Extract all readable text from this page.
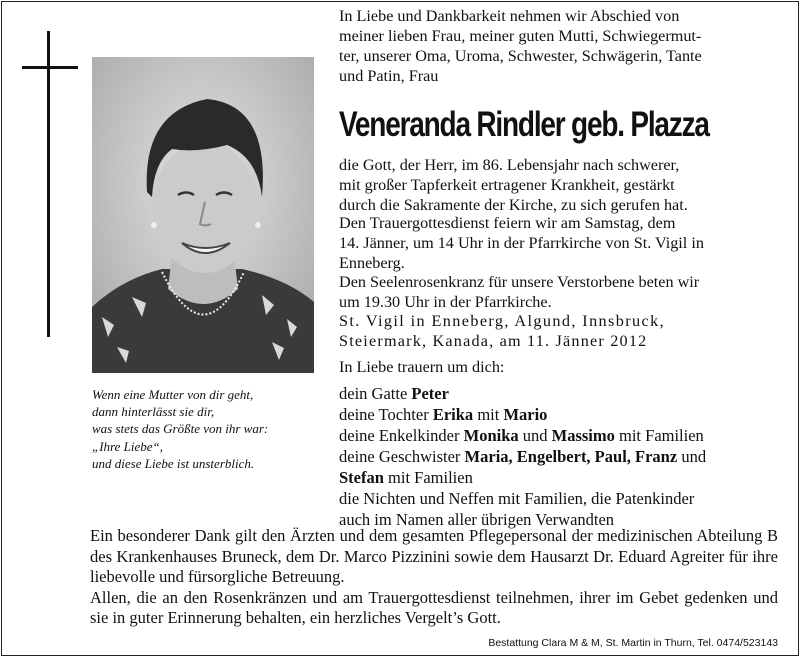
Wenn eine Mutter von dir geht,
dann hinterlässt sie dir,
was stets das Größte von ihr war:
„Ihre Liebe“,
und diese Liebe ist unsterblich.
In Liebe und Dankbarkeit nehmen wir Abschied von
meiner lieben Frau, meiner guten Mutti, Schwiegermut-
ter, unserer Oma, Uroma, Schwester, Schwägerin, Tante
und Patin, Frau
Veneranda Rindler geb. Plazza
die Gott, der Herr, im 86. Lebensjahr nach schwerer,
mit großer Tapferkeit ertragener Krankheit, gestärkt
durch die Sakramente der Kirche, zu sich gerufen hat.
Den Trauergottesdienst feiern wir am Samstag, dem
14. Jänner, um 14 Uhr in der Pfarrkirche von St. Vigil in
Enneberg.
Den Seelenrosenkranz für unsere Verstorbene beten wir
um 19.30 Uhr in der Pfarrkirche.
St. Vigil in Enneberg, Algund, Innsbruck,
Steiermark, Kanada, am 11. Jänner 2012
In Liebe trauern um dich:
dein Gatte Peter
deine Tochter Erika mit Mario
deine Enkelkinder Monika und Massimo mit Familien
deine Geschwister Maria, Engelbert, Paul, Franz und
Stefan mit Familien
die Nichten und Neffen mit Familien, die Patenkinder
auch im Namen aller übrigen Verwandten

Ein besonderer Dank gilt den Ärzten und dem gesamten Pflegepersonal der medizinischen Abteilung B des Krankenhauses Bruneck, dem Dr. Marco Pizzinini sowie dem Hausarzt Dr. Eduard Agreiter für ihre liebevolle und fürsorgliche Betreuung.

Allen, die an den Rosenkränzen und am Trauergottesdienst teilnehmen, ihrer im Gebet gedenken und sie in guter Erinnerung behalten, ein herzliches Vergelt’s Gott.

Bestattung Clara M & M, St. Martin in Thurn, Tel. 0474/523143
